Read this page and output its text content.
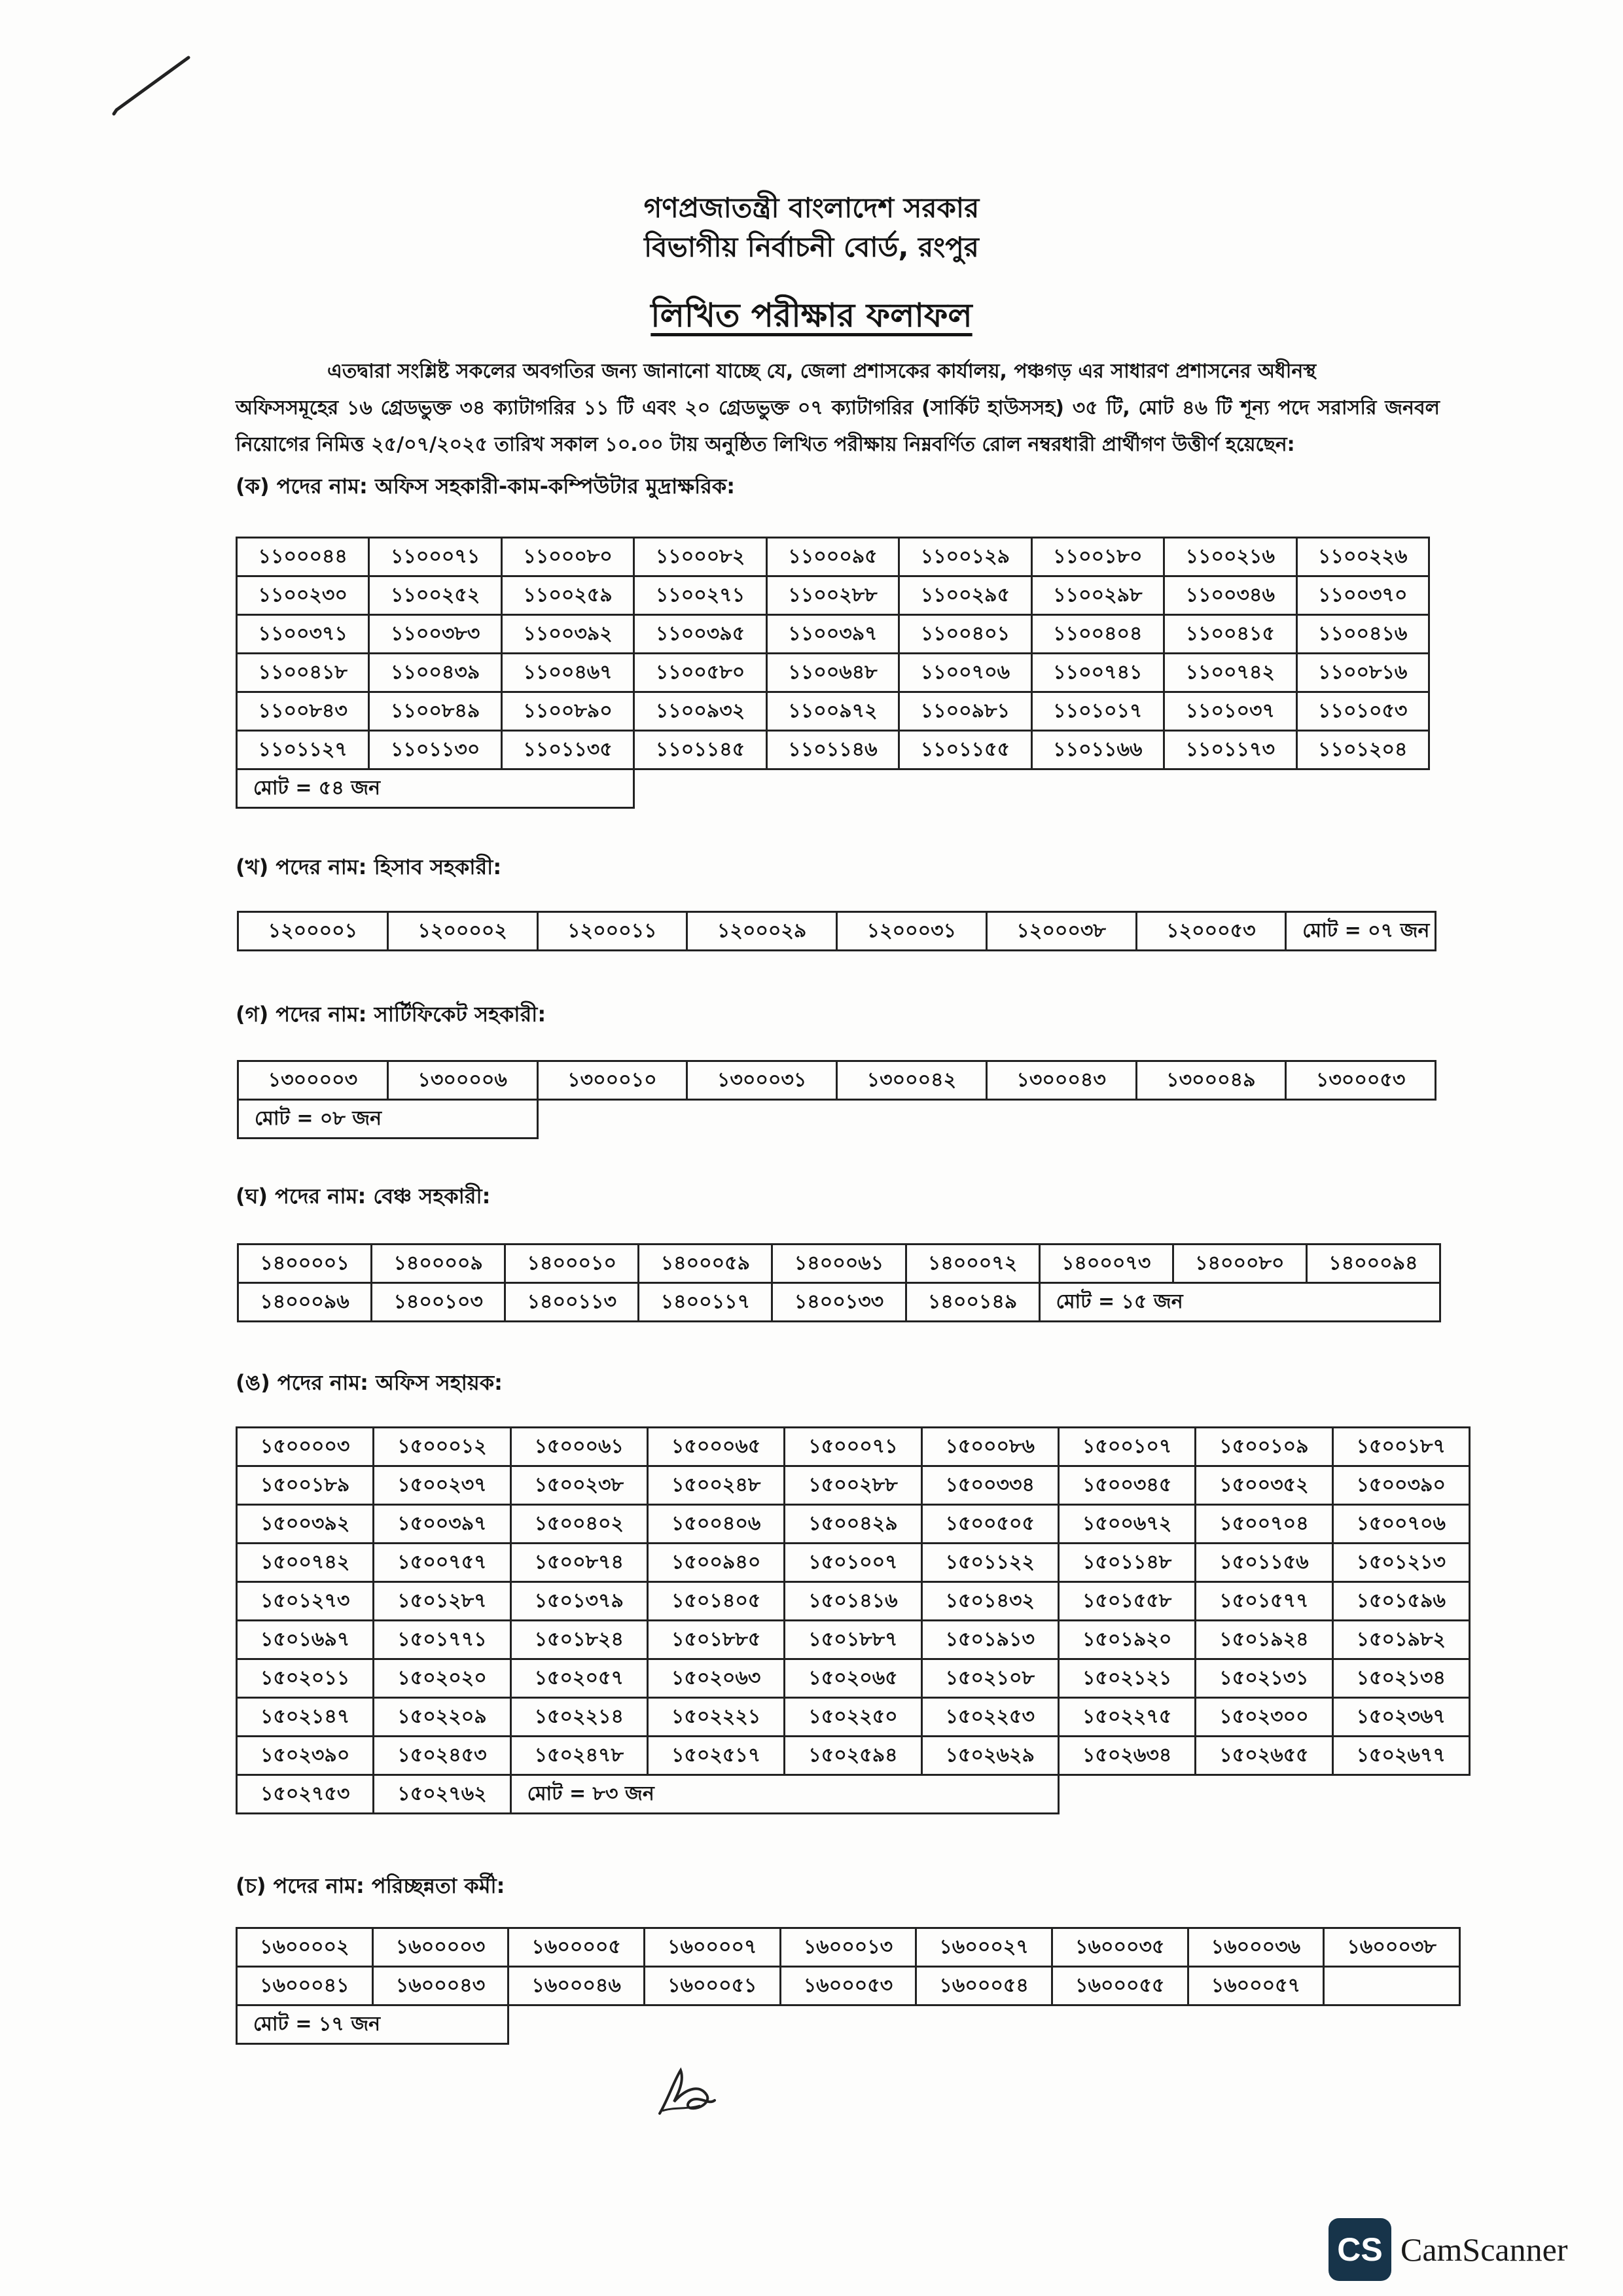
গণপ্রজাতন্ত্রী বাংলাদেশ সরকার
বিভাগীয় নির্বাচনী বোর্ড, রংপুর
লিখিত পরীক্ষার ফলাফল
এতদ্বারা সংশ্লিষ্ট সকলের অবগতির জন্য জানানো যাচ্ছে যে, জেলা প্রশাসকের কার্যালয়, পঞ্চগড় এর সাধারণ প্রশাসনের অধীনস্থ
অফিসসমূহের ১৬ গ্রেডভুক্ত ৩৪ ক্যাটাগরির ১১ টি এবং ২০ গ্রেডভুক্ত ০৭ ক্যাটাগরির (সার্কিট হাউসসহ) ৩৫ টি, মোট ৪৬ টি শূন্য পদে সরাসরি জনবল নিয়োগের নিমিত্ত ২৫/০৭/২০২৫ তারিখ সকাল ১০.০০ টায় অনুষ্ঠিত লিখিত পরীক্ষায় নিম্নবর্ণিত রোল নম্বরধারী প্রার্থীগণ উত্তীর্ণ হয়েছেন:
(ক) পদের নাম: অফিস সহকারী-কাম-কম্পিউটার মুদ্রাক্ষরিক:
১১০০০৪৪	১১০০০৭১	১১০০০৮০	১১০০০৮২	১১০০০৯৫	১১০০১২৯	১১০০১৮০	১১০০২১৬	১১০০২২৬
১১০০২৩০	১১০০২৫২	১১০০২৫৯	১১০০২৭১	১১০০২৮৮	১১০০২৯৫	১১০০২৯৮	১১০০৩৪৬	১১০০৩৭০
১১০০৩৭১	১১০০৩৮৩	১১০০৩৯২	১১০০৩৯৫	১১০০৩৯৭	১১০০৪০১	১১০০৪০৪	১১০০৪১৫	১১০০৪১৬
১১০০৪১৮	১১০০৪৩৯	১১০০৪৬৭	১১০০৫৮০	১১০০৬৪৮	১১০০৭০৬	১১০০৭৪১	১১০০৭৪২	১১০০৮১৬
১১০০৮৪৩	১১০০৮৪৯	১১০০৮৯০	১১০০৯৩২	১১০০৯৭২	১১০০৯৮১	১১০১০১৭	১১০১০৩৭	১১০১০৫৩
১১০১১২৭	১১০১১৩০	১১০১১৩৫	১১০১১৪৫	১১০১১৪৬	১১০১১৫৫	১১০১১৬৬	১১০১১৭৩	১১০১২০৪
মোট = ৫৪ জন								
(খ) পদের নাম: হিসাব সহকারী:
১২০০০০১	১২০০০০২	১২০০০১১	১২০০০২৯	১২০০০৩১	১২০০০৩৮	১২০০০৫৩	মোট = ০৭ জন
(গ) পদের নাম: সার্টিফিকেট সহকারী:
১৩০০০০৩	১৩০০০০৬	১৩০০০১০	১৩০০০৩১	১৩০০০৪২	১৩০০০৪৩	১৩০০০৪৯	১৩০০০৫৩
মোট = ০৮ জন							
(ঘ) পদের নাম: বেঞ্চ সহকারী:
১৪০০০০১	১৪০০০০৯	১৪০০০১০	১৪০০০৫৯	১৪০০০৬১	১৪০০০৭২	১৪০০০৭৩	১৪০০০৮০	১৪০০০৯৪
১৪০০০৯৬	১৪০০১০৩	১৪০০১১৩	১৪০০১১৭	১৪০০১৩৩	১৪০০১৪৯	মোট = ১৫ জন		
(ঙ) পদের নাম: অফিস সহায়ক:
১৫০০০০৩	১৫০০০১২	১৫০০০৬১	১৫০০০৬৫	১৫০০০৭১	১৫০০০৮৬	১৫০০১০৭	১৫০০১০৯	১৫০০১৮৭
১৫০০১৮৯	১৫০০২৩৭	১৫০০২৩৮	১৫০০২৪৮	১৫০০২৮৮	১৫০০৩৩৪	১৫০০৩৪৫	১৫০০৩৫২	১৫০০৩৯০
১৫০০৩৯২	১৫০০৩৯৭	১৫০০৪০২	১৫০০৪০৬	১৫০০৪২৯	১৫০০৫০৫	১৫০০৬৭২	১৫০০৭০৪	১৫০০৭০৬
১৫০০৭৪২	১৫০০৭৫৭	১৫০০৮৭৪	১৫০০৯৪০	১৫০১০০৭	১৫০১১২২	১৫০১১৪৮	১৫০১১৫৬	১৫০১২১৩
১৫০১২৭৩	১৫০১২৮৭	১৫০১৩৭৯	১৫০১৪০৫	১৫০১৪১৬	১৫০১৪৩২	১৫০১৫৫৮	১৫০১৫৭৭	১৫০১৫৯৬
১৫০১৬৯৭	১৫০১৭৭১	১৫০১৮২৪	১৫০১৮৮৫	১৫০১৮৮৭	১৫০১৯১৩	১৫০১৯২০	১৫০১৯২৪	১৫০১৯৮২
১৫০২০১১	১৫০২০২০	১৫০২০৫৭	১৫০২০৬৩	১৫০২০৬৫	১৫০২১০৮	১৫০২১২১	১৫০২১৩১	১৫০২১৩৪
১৫০২১৪৭	১৫০২২০৯	১৫০২২১৪	১৫০২২২১	১৫০২২৫০	১৫০২২৫৩	১৫০২২৭৫	১৫০২৩০০	১৫০২৩৬৭
১৫০২৩৯০	১৫০২৪৫৩	১৫০২৪৭৮	১৫০২৫১৭	১৫০২৫৯৪	১৫০২৬২৯	১৫০২৬৩৪	১৫০২৬৫৫	১৫০২৬৭৭
১৫০২৭৫৩	১৫০২৭৬২	মোট = ৮৩ জন						
(চ) পদের নাম: পরিচ্ছন্নতা কর্মী:
১৬০০০০২	১৬০০০০৩	১৬০০০০৫	১৬০০০০৭	১৬০০০১৩	১৬০০০২৭	১৬০০০৩৫	১৬০০০৩৬	১৬০০০৩৮
১৬০০০৪১	১৬০০০৪৩	১৬০০০৪৬	১৬০০০৫১	১৬০০০৫৩	১৬০০০৫৪	১৬০০০৫৫	১৬০০০৫৭	
মোট = ১৭ জন								
CS CamScanner
